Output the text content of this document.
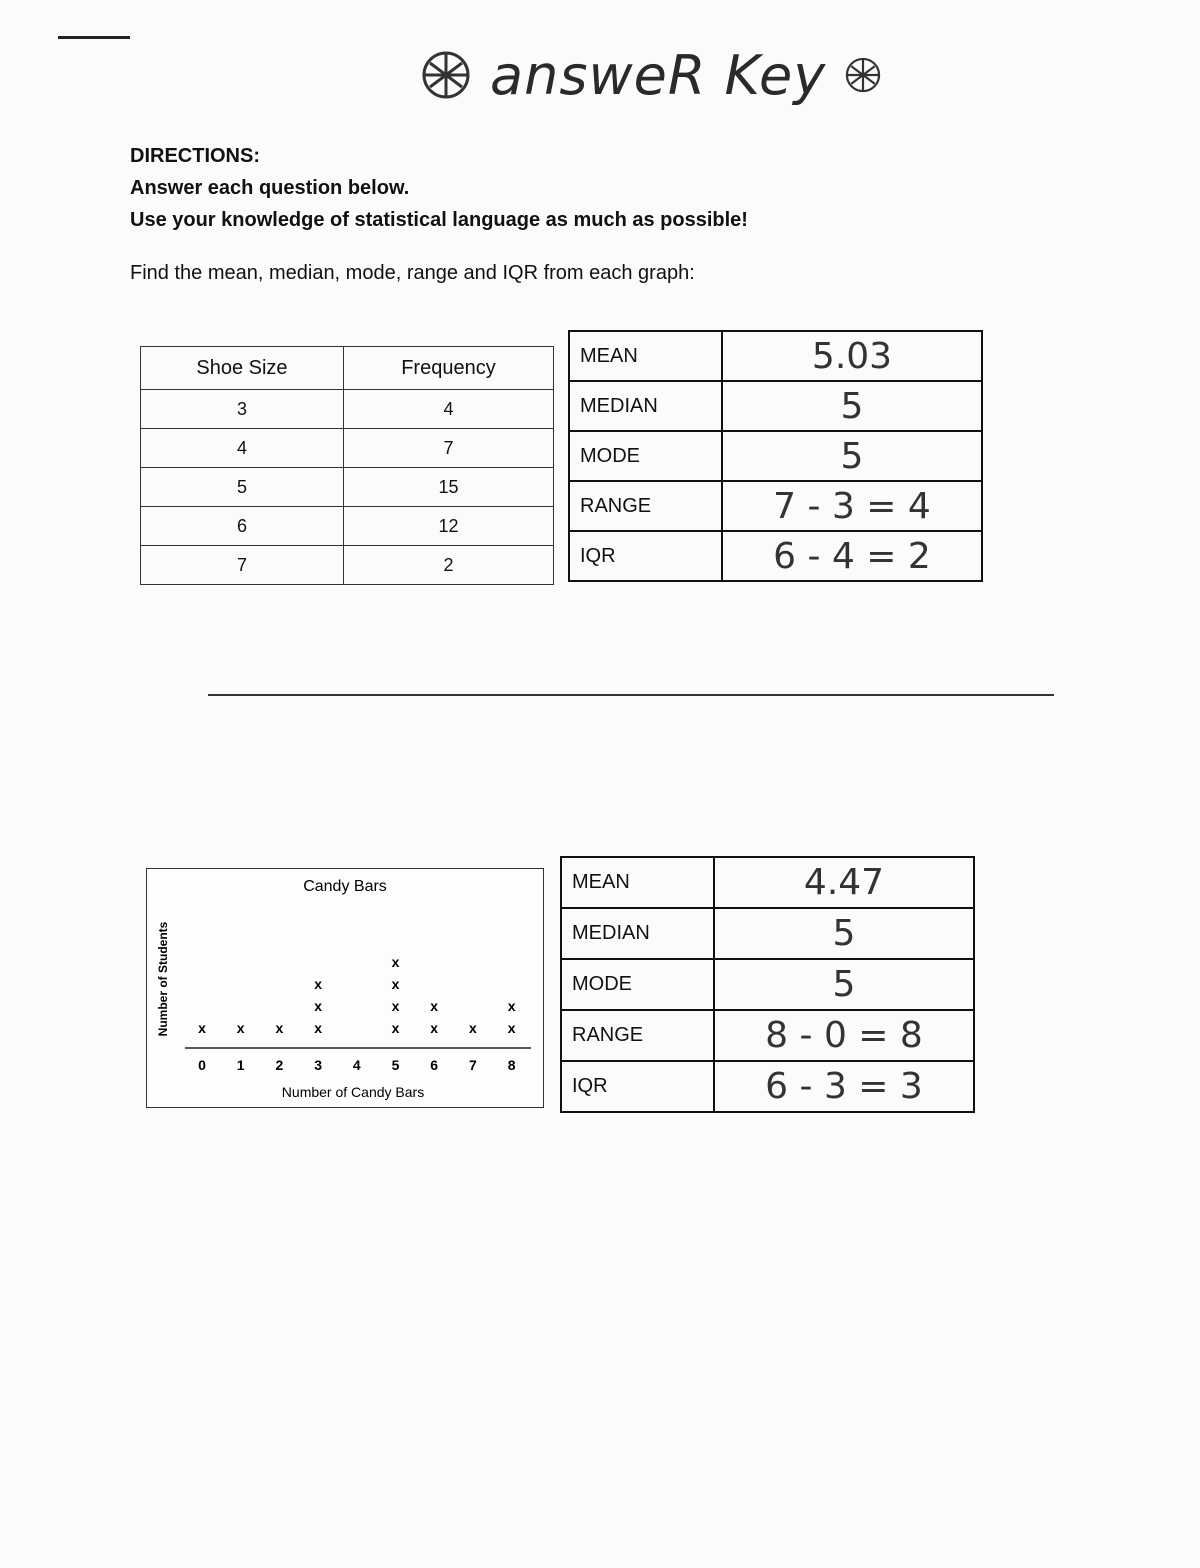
answeR Key
DIRECTIONS:
Answer each question below.
Use your knowledge of statistical language as much as possible!
Find the mean, median, mode, range and IQR from each graph:
Shoe Size	Frequency
3	4
4	7
5	15
6	12
7	2
MEAN	5.03
MEDIAN	5
MODE	5
RANGE	7 - 3 = 4
IQR	6 - 4 = 2
Candy Bars
Number of Students
Number of Candy Bars
0
x
1
x
2
x
3
x
x
x
4 5
x
x
x
x
6
x
x
7
x
8
x
x
MEAN	4.47
MEDIAN	5
MODE	5
RANGE	8 - 0 = 8
IQR	6 - 3 = 3
